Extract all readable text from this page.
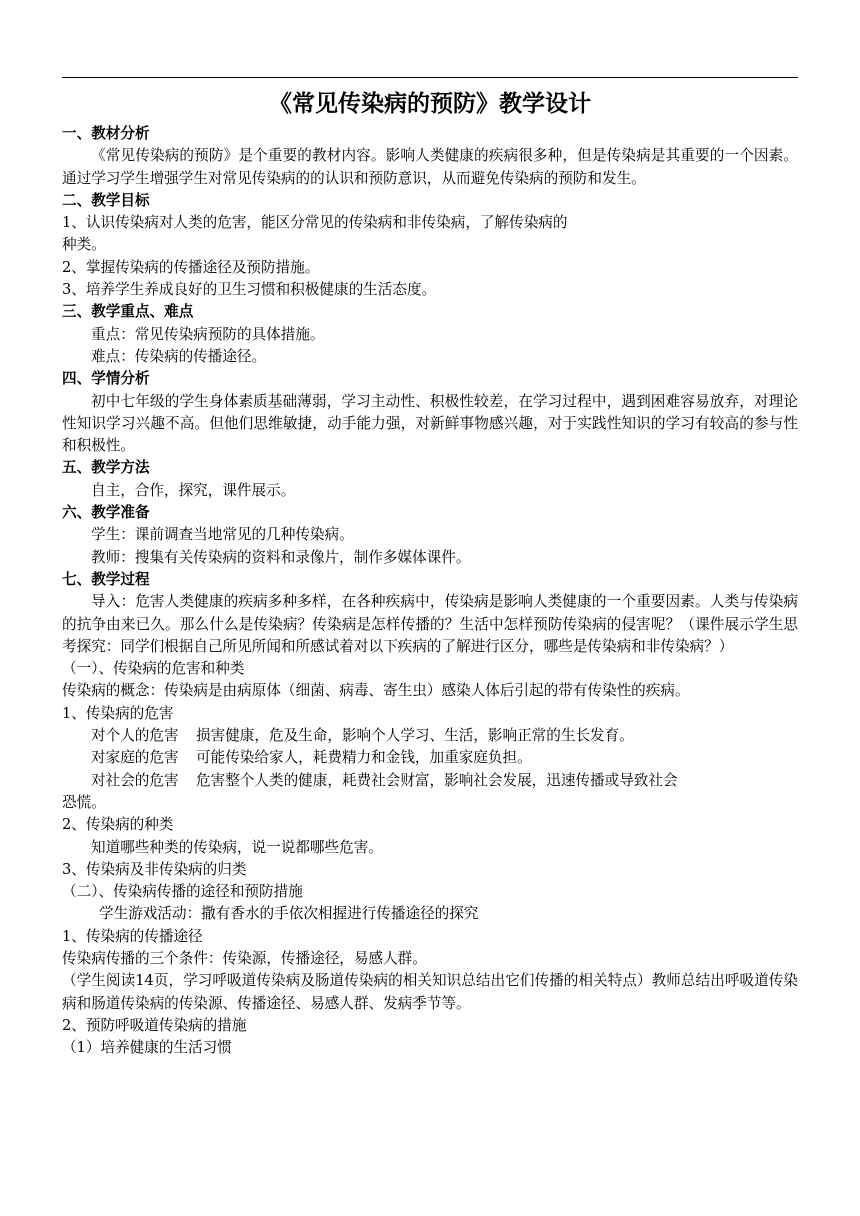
《常见传染病的预防》教学设计

一、教材分析

《常见传染病的预防》是个重要的教材内容。影响人类健康的疾病很多种，但是传染病是其重要的一个因素。通过学习学生增强学生对常见传染病的的认识和预防意识，从而避免传染病的预防和发生。

二、教学目标

1、认识传染病对人类的危害，能区分常见的传染病和非传染病，了解传染病的

种类。

2、掌握传染病的传播途径及预防措施。

3、培养学生养成良好的卫生习惯和积极健康的生活态度。

三、教学重点、难点

重点：常见传染病预防的具体措施。

难点：传染病的传播途径。

四、学情分析

初中七年级的学生身体素质基础薄弱，学习主动性、积极性较差，在学习过程中，遇到困难容易放弃，对理论性知识学习兴趣不高。但他们思维敏捷，动手能力强，对新鲜事物感兴趣，对于实践性知识的学习有较高的参与性和积极性。

五、教学方法

自主，合作，探究，课件展示。

六、教学准备

学生：课前调查当地常见的几种传染病。

教师：搜集有关传染病的资料和录像片，制作多媒体课件。

七、教学过程

导入：危害人类健康的疾病多种多样，在各种疾病中，传染病是影响人类健康的一个重要因素。人类与传染病的抗争由来已久。那么什么是传染病？传染病是怎样传播的？生活中怎样预防传染病的侵害呢？（课件展示学生思考探究：同学们根据自己所见所闻和所感试着对以下疾病的了解进行区分，哪些是传染病和非传染病？）

（一）、传染病的危害和种类

传染病的概念：传染病是由病原体（细菌、病毒、寄生虫）感染人体后引起的带有传染性的疾病。

1、传染病的危害

对个人的危害	损害健康，危及生命，影响个人学习、生活，影响正常的生长发育。
对家庭的危害	可能传染给家人，耗费精力和金钱，加重家庭负担。
对社会的危害	危害整个人类的健康，耗费社会财富，影响社会发展，迅速传播或导致社会

恐慌。

2、传染病的种类

知道哪些种类的传染病，说一说都哪些危害。

3、传染病及非传染病的归类

（二）、传染病传播的途径和预防措施

学生游戏活动：撒有香水的手依次相握进行传播途径的探究

1、传染病的传播途径

传染病传播的三个条件：传染源，传播途径，易感人群。

（学生阅读14页，学习呼吸道传染病及肠道传染病的相关知识总结出它们传播的相关特点）教师总结出呼吸道传染病和肠道传染病的传染源、传播途径、易感人群、发病季节等。

2、预防呼吸道传染病的措施

（1）培养健康的生活习惯
